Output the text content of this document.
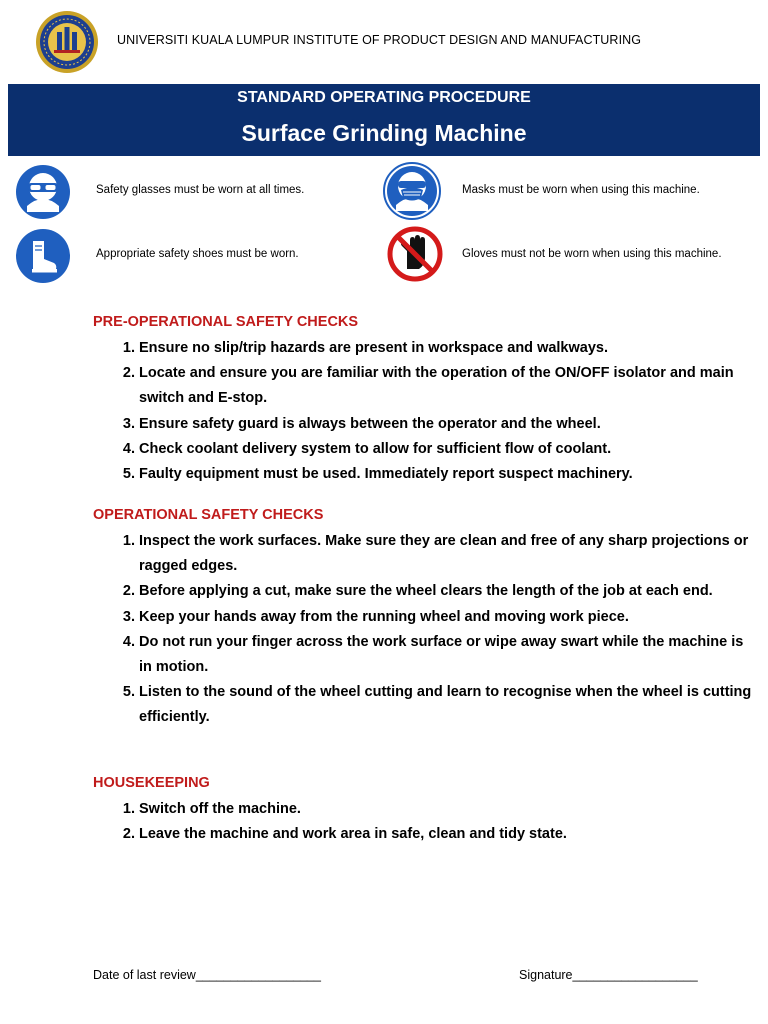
UNIVERSITI KUALA LUMPUR INSTITUTE OF PRODUCT DESIGN AND MANUFACTURING
STANDARD OPERATING PROCEDURE
Surface Grinding Machine
Safety glasses must be worn at all times.	Masks must be worn when using this machine.
Appropriate safety shoes must be worn.	Gloves must not be worn when using this machine.
PRE-OPERATIONAL SAFETY CHECKS
1. Ensure no slip/trip hazards are present in workspace and walkways.
2. Locate and ensure you are familiar with the operation of the ON/OFF isolator and main switch and E-stop.
3. Ensure safety guard is always between the operator and the wheel.
4. Check coolant delivery system to allow for sufficient flow of coolant.
5. Faulty equipment must be used. Immediately report suspect machinery.
OPERATIONAL SAFETY CHECKS
1. Inspect the work surfaces. Make sure they are clean and free of any sharp projections or ragged edges.
2. Before applying a cut, make sure the wheel clears the length of the job at each end.
3. Keep your hands away from the running wheel and moving work piece.
4. Do not run your finger across the work surface or wipe away swart while the machine is in motion.
5. Listen to the sound of the wheel cutting and learn to recognise when the wheel is cutting efficiently.
HOUSEKEEPING
1. Switch off the machine.
2. Leave the machine and work area in safe, clean and tidy state.
Date of last review__________________	Signature__________________
